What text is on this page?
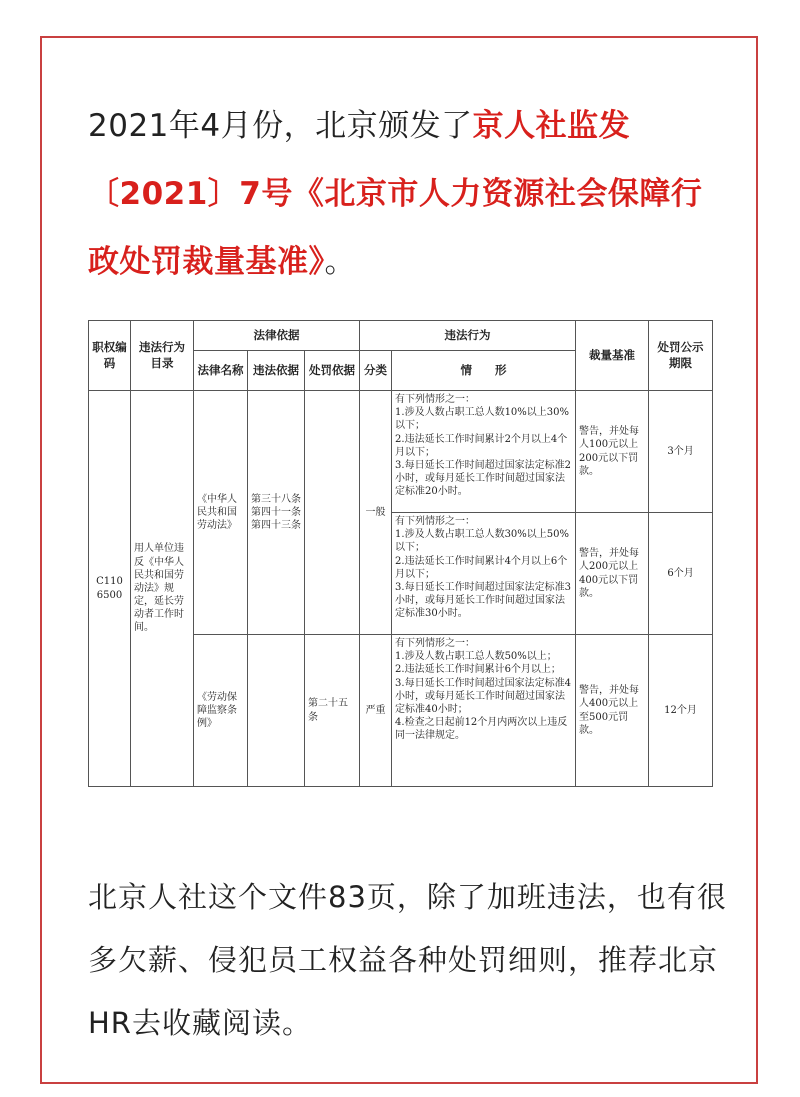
2021年4月份，北京颁发了京人社监发〔2021〕7号《北京市人力资源社会保障行政处罚裁量基准》。

职权编码	违法行为目录	法律依据			违法行为		裁量基准	处罚公示期限
		法律名称	违法依据	处罚依据	分类	情　　形		
C110 6500	用人单位违反《中华人民共和国劳动法》规定，延长劳动者工作时间。	《中华人民共和国劳动法》	第三十八条第四十一条第四十三条		一般	有下列情形之一：
1.涉及人数占职工总人数10%以上30%以下；
2.违法延长工作时间累计2个月以上4个月以下；
3.每日延长工作时间超过国家法定标准2小时，或每月延长工作时间超过国家法定标准20小时。	警告，并处每人100元以上200元以下罚款。	3个月

						有下列情形之一：
1.涉及人数占职工总人数30%以上50%以下；
2.违法延长工作时间累计4个月以上6个月以下；
3.每日延长工作时间超过国家法定标准3小时，或每月延长工作时间超过国家法定标准30小时。	警告，并处每人200元以上400元以下罚款。	6个月
		《劳动保障监察条例》		第二十五条	严重	有下列情形之一：
1.涉及人数占职工总人数50%以上；
2.违法延长工作时间累计6个月以上；
3.每日延长工作时间超过国家法定标准4小时，或每月延长工作时间超过国家法定标准40小时；
4.检查之日起前12个月内两次以上违反同一法律规定。	警告，并处每人400元以上至500元罚款。	12个月

北京人社这个文件83页，除了加班违法，也有很多欠薪、侵犯员工权益各种处罚细则，推荐北京HR去收藏阅读。
